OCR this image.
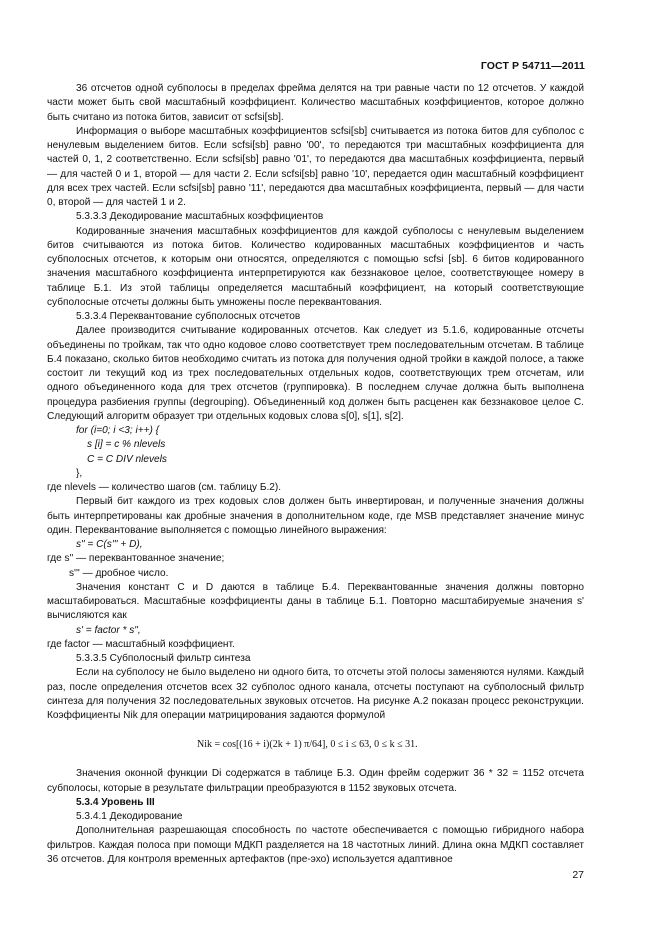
ГОСТ Р 54711—2011

36 отсчетов одной субполосы в пределах фрейма делятся на три равные части по 12 отсчетов. У каждой части может быть свой масштабный коэффициент. Количество масштабных коэффициентов, которое должно быть считано из потока битов, зависит от scfsi[sb].

Информация о выборе масштабных коэффициентов scfsi[sb] считывается из потока битов для субполос с ненулевым выделением битов. Если scfsi[sb] равно '00', то передаются три масштабных коэффициента для частей 0, 1, 2 соответственно. Если scfsi[sb] равно '01', то передаются два масштабных коэффициента, первый — для частей 0 и 1, второй — для части 2. Если scfsi[sb] равно '10', передается один масштабный коэффициент для всех трех частей. Если scfsi[sb] равно '11', передаются два масштабных коэффициента, первый — для части 0, второй — для частей 1 и 2.

5.3.3.3 Декодирование масштабных коэффициентов

Кодированные значения масштабных коэффициентов для каждой субполосы с ненулевым выделением битов считываются из потока битов. Количество кодированных масштабных коэффициентов и часть субполосных отсчетов, к которым они относятся, определяются с помощью scfsi [sb]. 6 битов кодированного значения масштабного коэффициента интерпретируются как беззнаковое целое, соответствующее номеру в таблице Б.1. Из этой таблицы определяется масштабный коэффициент, на который соответствующие субполосные отсчеты должны быть умножены после переквантования.

5.3.3.4 Переквантование субполосных отсчетов

Далее производится считывание кодированных отсчетов. Как следует из 5.1.6, кодированные отсчеты объединены по тройкам, так что одно кодовое слово соответствует трем последовательным отсчетам. В таблице Б.4 показано, сколько битов необходимо считать из потока для получения одной тройки в каждой полосе, а также состоит ли текущий код из трех последовательных отдельных кодов, соответствующих трем отсчетам, или одного объединенного кода для трех отсчетов (группировка). В последнем случае должна быть выполнена процедура разбиения группы (degrouping). Объединенный код должен быть расценен как беззнаковое целое C. Следующий алгоритм образует три отдельных кодовых слова s[0], s[1], s[2].

for (i=0; i <3; i++) {

s [i] = c % nlevels

C = C DIV nlevels

},

где nlevels — количество шагов (см. таблицу Б.2).

Первый бит каждого из трех кодовых слов должен быть инвертирован, и полученные значения должны быть интерпретированы как дробные значения в дополнительном коде, где MSB представляет значение минус один. Переквантование выполняется с помощью линейного выражения:

s" = C(s''' + D),

где s" — переквантованное значение;

s''' — дробное число.

Значения констант C и D даются в таблице Б.4. Переквантованные значения должны повторно масштабироваться. Масштабные коэффициенты даны в таблице Б.1. Повторно масштабируемые значения s' вычисляются как

s' = factor * s",

где factor — масштабный коэффициент.

5.3.3.5 Субполосный фильтр синтеза

Если на субполосу не было выделено ни одного бита, то отсчеты этой полосы заменяются нулями. Каждый раз, после определения отсчетов всех 32 субполос одного канала, отсчеты поступают на субполосный фильтр синтеза для получения 32 последовательных звуковых отсчетов. На рисунке А.2 показан процесс реконструкции. Коэффициенты Nik для операции матрицирования задаются формулой

Nik = cos[(16 + i)(2k + 1) π/64], 0 ≤ i ≤ 63, 0 ≤ k ≤ 31.

Значения оконной функции Di содержатся в таблице Б.3. Один фрейм содержит 36 * 32 = 1152 отсчета субполосы, которые в результате фильтрации преобразуются в 1152 звуковых отсчета.

5.3.4 Уровень III

5.3.4.1 Декодирование

Дополнительная разрешающая способность по частоте обеспечивается с помощью гибридного набора фильтров. Каждая полоса при помощи МДКП разделяется на 18 частотных линий. Длина окна МДКП составляет 36 отсчетов. Для контроля временных артефактов (пре-эхо) используется адаптивное

27
